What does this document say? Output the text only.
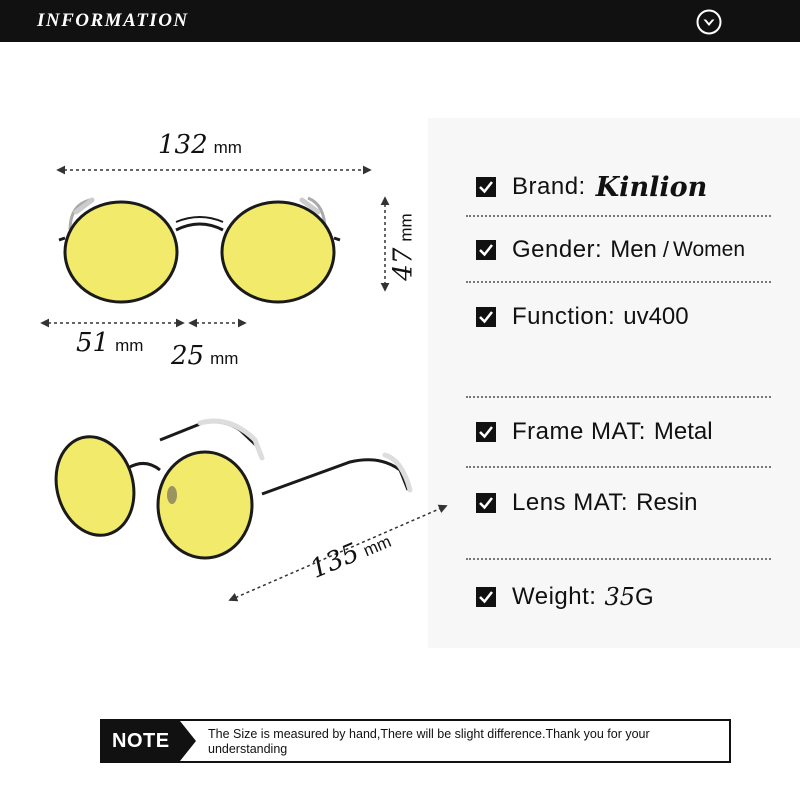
INFORMATION
132 mm
47mm
51 mm 25 mm
135mm
Brand: Kinlion
Gender: Men / Women
Function: uv400
Frame MAT: Metal
Lens MAT: Resin
Weight: 35G
NOTE	The Size is measured by hand,There will be slight difference.Thank you for your understanding
